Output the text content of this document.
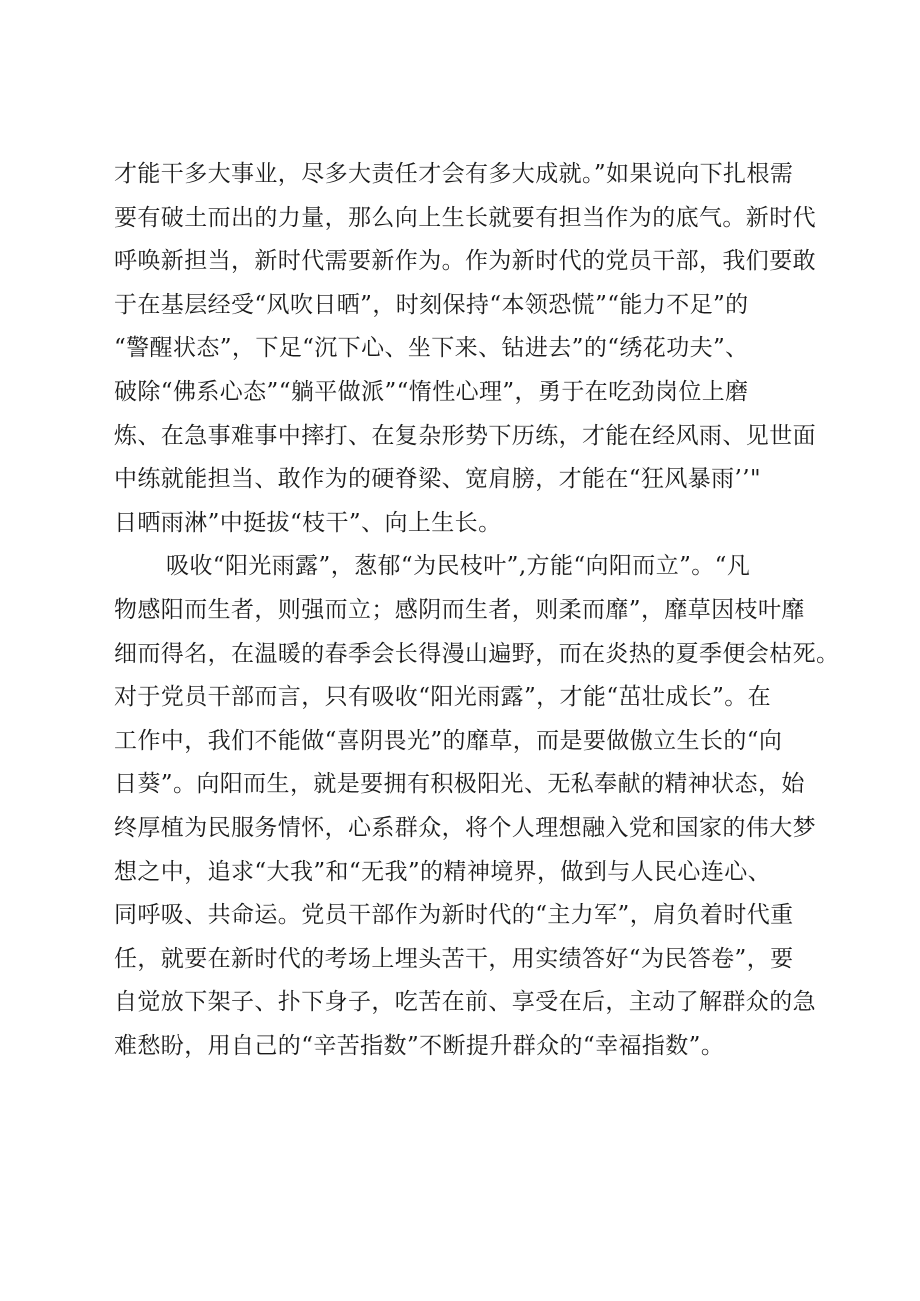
才能干多大事业，尽多大责任才会有多大成就。”如果说向下扎根需
要有破土而出的力量，那么向上生长就要有担当作为的底气。新时代
呼唤新担当，新时代需要新作为。作为新时代的党员干部，我们要敢
于在基层经受“风吹日晒”，时刻保持“本领恐慌”“能力不足”的
“警醒状态”，下足“沉下心、坐下来、钻进去”的“绣花功夫”、
破除“佛系心态”“躺平做派”“惰性心理”，勇于在吃劲岗位上磨
炼、在急事难事中摔打、在复杂形势下历练，才能在经风雨、见世面
中练就能担当、敢作为的硬脊梁、宽肩膀，才能在“狂风暴雨’’"
日晒雨淋”中挺拔“枝干”、向上生长。
吸收“阳光雨露”，葱郁“为民枝叶”,方能“向阳而立”。“凡
物感阳而生者，则强而立；感阴而生者，则柔而靡”，靡草因枝叶靡
细而得名，在温暖的春季会长得漫山遍野，而在炎热的夏季便会枯死。
对于党员干部而言，只有吸收“阳光雨露”，才能“茁壮成长”。在
工作中，我们不能做“喜阴畏光”的靡草，而是要做傲立生长的“向
日葵”。向阳而生，就是要拥有积极阳光、无私奉献的精神状态，始
终厚植为民服务情怀，心系群众，将个人理想融入党和国家的伟大梦
想之中，追求“大我”和“无我”的精神境界，做到与人民心连心、
同呼吸、共命运。党员干部作为新时代的“主力军”，肩负着时代重
任，就要在新时代的考场上埋头苦干，用实绩答好“为民答卷”，要
自觉放下架子、扑下身子，吃苦在前、享受在后，主动了解群众的急
难愁盼，用自己的“辛苦指数”不断提升群众的“幸福指数”。
